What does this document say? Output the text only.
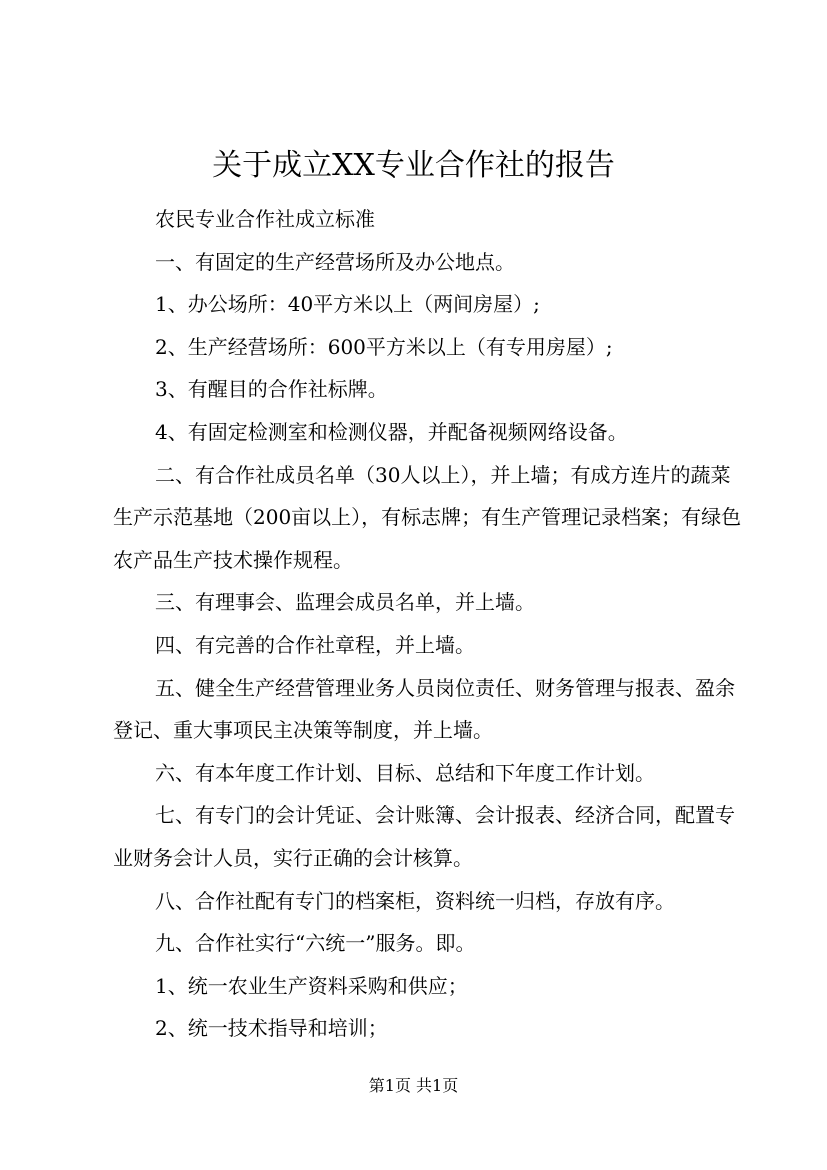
关于成立XX专业合作社的报告

农民专业合作社成立标准

一、有固定的生产经营场所及办公地点。

1、办公场所：40平方米以上（两间房屋）;

2、生产经营场所：600平方米以上（有专用房屋）;

3、有醒目的合作社标牌。

4、有固定检测室和检测仪器，并配备视频网络设备。

二、有合作社成员名单（30人以上），并上墙；有成方连片的蔬菜生产示范基地（200亩以上），有标志牌；有生产管理记录档案；有绿色农产品生产技术操作规程。

三、有理事会、监理会成员名单，并上墙。

四、有完善的合作社章程，并上墙。

五、健全生产经营管理业务人员岗位责任、财务管理与报表、盈余登记、重大事项民主决策等制度，并上墙。

六、有本年度工作计划、目标、总结和下年度工作计划。

七、有专门的会计凭证、会计账簿、会计报表、经济合同，配置专业财务会计人员，实行正确的会计核算。

八、合作社配有专门的档案柜，资料统一归档，存放有序。

九、合作社实行“六统一”服务。即。

1、统一农业生产资料采购和供应；

2、统一技术指导和培训；

第1页 共1页
